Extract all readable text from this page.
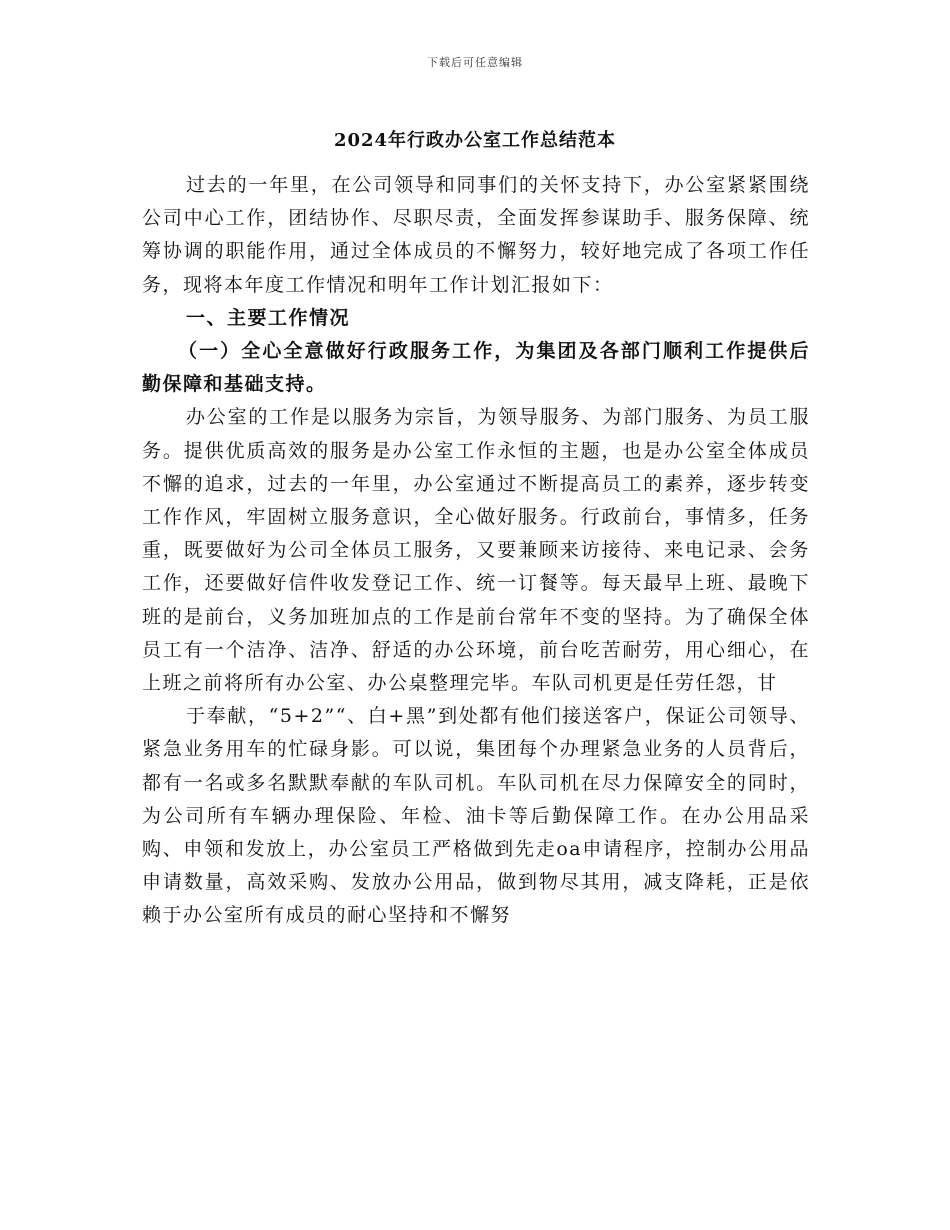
下载后可任意编辑
2024年行政办公室工作总结范本

过去的一年里，在公司领导和同事们的关怀支持下，办公室紧紧围绕公司中心工作，团结协作、尽职尽责，全面发挥参谋助手、服务保障、统筹协调的职能作用，通过全体成员的不懈努力，较好地完成了各项工作任务，现将本年度工作情况和明年工作计划汇报如下：

一、主要工作情况

（一）全心全意做好行政服务工作，为集团及各部门顺利工作提供后勤保障和基础支持。

办公室的工作是以服务为宗旨，为领导服务、为部门服务、为员工服务。提供优质高效的服务是办公室工作永恒的主题，也是办公室全体成员不懈的追求，过去的一年里，办公室通过不断提高员工的素养，逐步转变工作作风，牢固树立服务意识，全心做好服务。行政前台，事情多，任务重，既要做好为公司全体员工服务，又要兼顾来访接待、来电记录、会务工作，还要做好信件收发登记工作、统一订餐等。每天最早上班、最晚下班的是前台，义务加班加点的工作是前台常年不变的坚持。为了确保全体员工有一个洁净、洁净、舒适的办公环境，前台吃苦耐劳，用心细心，在上班之前将所有办公室、办公桌整理完毕。车队司机更是任劳任怨，甘

于奉献，“5+2”“、白+黑”到处都有他们接送客户，保证公司领导、紧急业务用车的忙碌身影。可以说，集团每个办理紧急业务的人员背后，都有一名或多名默默奉献的车队司机。车队司机在尽力保障安全的同时，为公司所有车辆办理保险、年检、油卡等后勤保障工作。在办公用品采购、申领和发放上，办公室员工严格做到先走oa申请程序，控制办公用品申请数量，高效采购、发放办公用品，做到物尽其用，减支降耗，正是依赖于办公室所有成员的耐心坚持和不懈努
